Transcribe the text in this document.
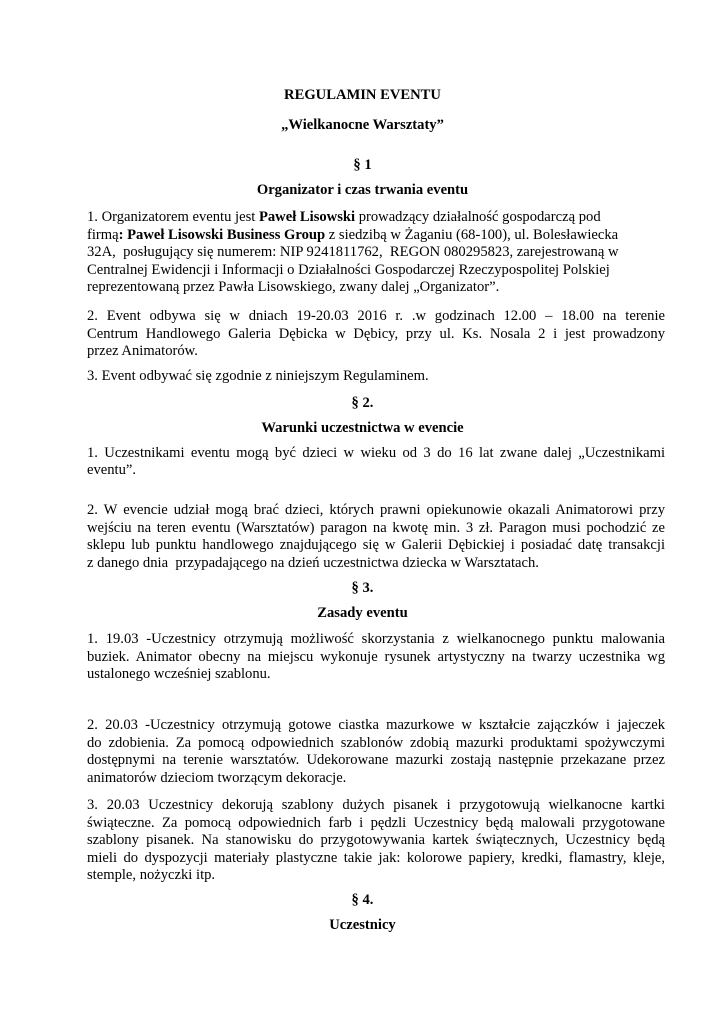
REGULAMIN EVENTU
„Wielkanocne Warsztaty”
§ 1
Organizator i czas trwania eventu
1. Organizatorem eventu jest Paweł Lisowski prowadzący działalność gospodarczą pod
firmą: Paweł Lisowski Business Group z siedzibą w Żaganiu (68-100), ul. Bolesławiecka
32A,  posługujący się numerem: NIP 9241811762,  REGON 080295823, zarejestrowaną w
Centralnej Ewidencji i Informacji o Działalności Gospodarczej Rzeczypospolitej Polskiej
reprezentowaną przez Pawła Lisowskiego, zwany dalej „Organizator”.
2. Event odbywa się w dniach 19-20.03 2016 r. .w godzinach 12.00 – 18.00 na terenie
Centrum Handlowego Galeria Dębicka w Dębicy, przy ul. Ks. Nosala 2 i jest prowadzony
przez Animatorów.
3. Event odbywać się zgodnie z niniejszym Regulaminem.
§ 2.
Warunki uczestnictwa w evencie
1. Uczestnikami eventu mogą być dzieci w wieku od 3 do 16 lat zwane dalej „Uczestnikami
eventu”.
2. W evencie udział mogą brać dzieci, których prawni opiekunowie okazali Animatorowi przy
wejściu na teren eventu (Warsztatów) paragon na kwotę min. 3 zł. Paragon musi pochodzić ze
sklepu lub punktu handlowego znajdującego się w Galerii Dębickiej i posiadać datę transakcji
z danego dnia  przypadającego na dzień uczestnictwa dziecka w Warsztatach.
§ 3.
Zasady eventu
1. 19.03 -Uczestnicy otrzymują możliwość skorzystania z wielkanocnego punktu malowania
buziek. Animator obecny na miejscu wykonuje rysunek artystyczny na twarzy uczestnika wg
ustalonego wcześniej szablonu.
2. 20.03 -Uczestnicy otrzymują gotowe ciastka mazurkowe w kształcie zajączków i jajeczek
do zdobienia. Za pomocą odpowiednich szablonów zdobią mazurki produktami spożywczymi
dostępnymi na terenie warsztatów. Udekorowane mazurki zostają następnie przekazane przez
animatorów dzieciom tworzącym dekoracje.
3. 20.03 Uczestnicy dekorują szablony dużych pisanek i przygotowują wielkanocne kartki
świąteczne. Za pomocą odpowiednich farb i pędzli Uczestnicy będą malowali przygotowane
szablony pisanek. Na stanowisku do przygotowywania kartek świątecznych, Uczestnicy będą
mieli do dyspozycji materiały plastyczne takie jak: kolorowe papiery, kredki, flamastry, kleje,
stemple, nożyczki itp.
§ 4.
Uczestnicy
